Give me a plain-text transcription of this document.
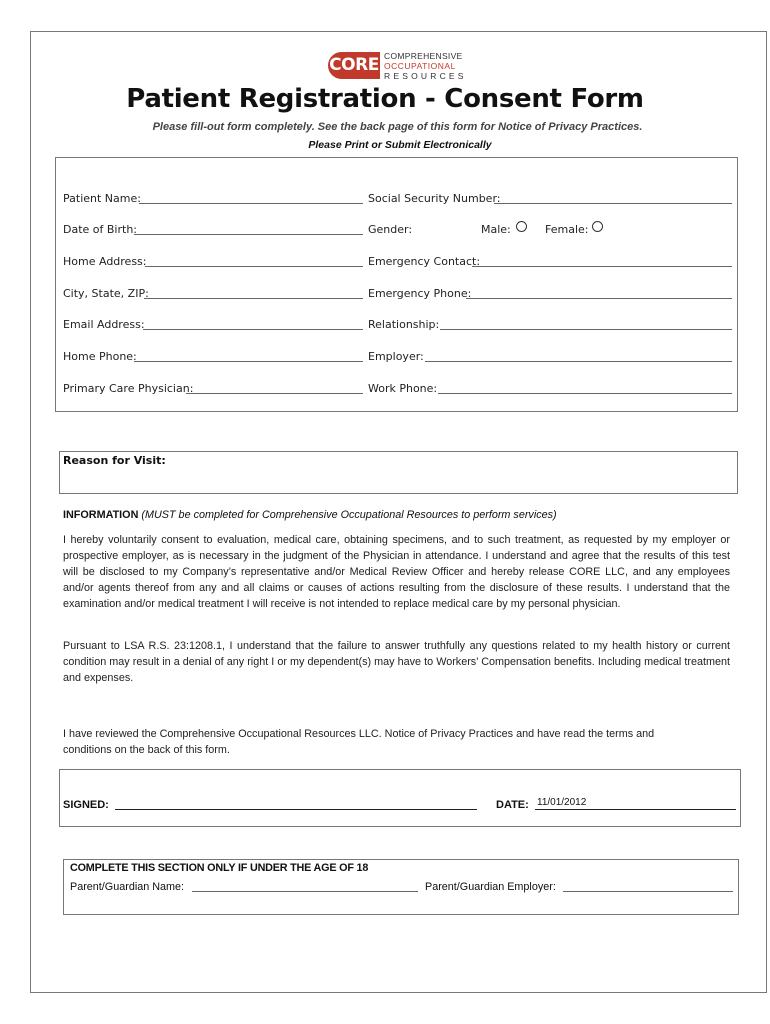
CORE COMPREHENSIVE
OCCUPATIONAL
RESOURCES
Patient Registration - Consent Form
Please fill-out form completely. See the back page of this form for Notice of Privacy Practices.
Please Print or Submit Electronically
Patient Name:	Social Security Number:
Date of Birth:	Gender:	Male:	Female:
Home Address:	Emergency Contact:
City, State, ZIP:	Emergency Phone:
Email Address:	Relationship:
Home Phone:	Employer:
Primary Care Physician:	Work Phone:
Reason for Visit:
INFORMATION (MUST be completed for Comprehensive Occupational Resources to perform services)
I hereby voluntarily consent to evaluation, medical care, obtaining specimens, and to such treatment, as requested by my employer or prospective employer, as is necessary in the judgment of the Physician in attendance. I understand and agree that the results of this test will be disclosed to my Company’s representative and/or Medical Review Officer and hereby release CORE LLC, and any employees and/or agents thereof from any and all claims or causes of actions resulting from the disclosure of these results. I understand that the examination and/or medical treatment I will receive is not intended to replace medical care by my personal physician.
Pursuant to LSA R.S. 23:1208.1, I understand that the failure to answer truthfully any questions related to my health history or current condition may result in a denial of any right I or my dependent(s) may have to Workers’ Compensation benefits. Including medical treatment and expenses.
I have reviewed the Comprehensive Occupational Resources LLC. Notice of Privacy Practices and have read the terms and conditions on the back of this form.
SIGNED:	DATE: 11/01/2012
COMPLETE THIS SECTION ONLY IF UNDER THE AGE OF 18
Parent/Guardian Name:	Parent/Guardian Employer:
